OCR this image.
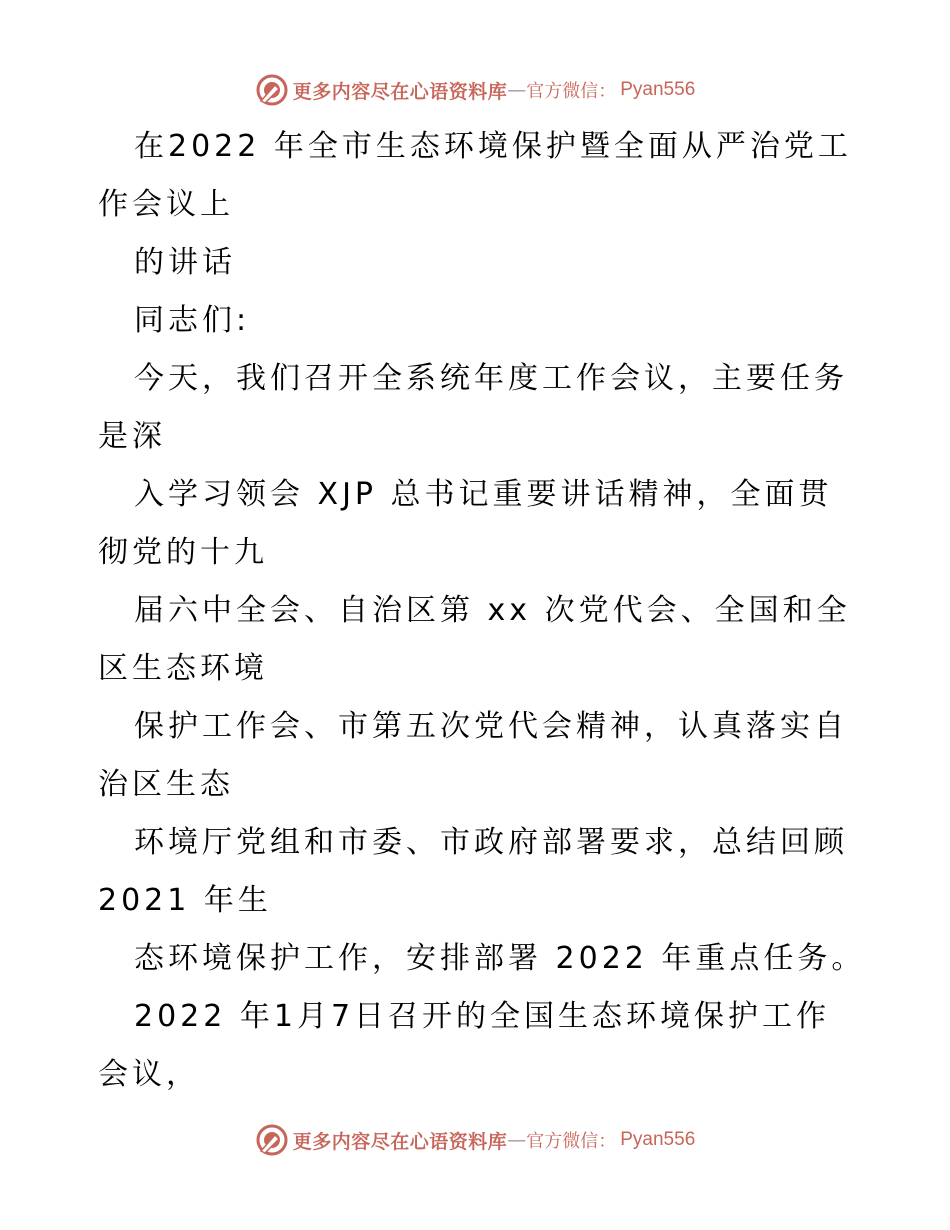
更多内容尽在心语资料库 — 官方微信： Pyan556
在2022 年全市生态环境保护暨全面从严治党工
作会议上
的讲话
同志们:
今天，我们召开全系统年度工作会议，主要任务
是深
入学习领会 XJP 总书记重要讲话精神，全面贯
彻党的十九
届六中全会、自治区第 xx 次党代会、全国和全
区生态环境
保护工作会、市第五次党代会精神，认真落实自
治区生态
环境厅党组和市委、市政府部署要求，总结回顾
2021 年生
态环境保护工作，安排部署 2022 年重点任务。
2022 年1月7日召开的全国生态环境保护工作
会议，
更多内容尽在心语资料库 — 官方微信： Pyan556
